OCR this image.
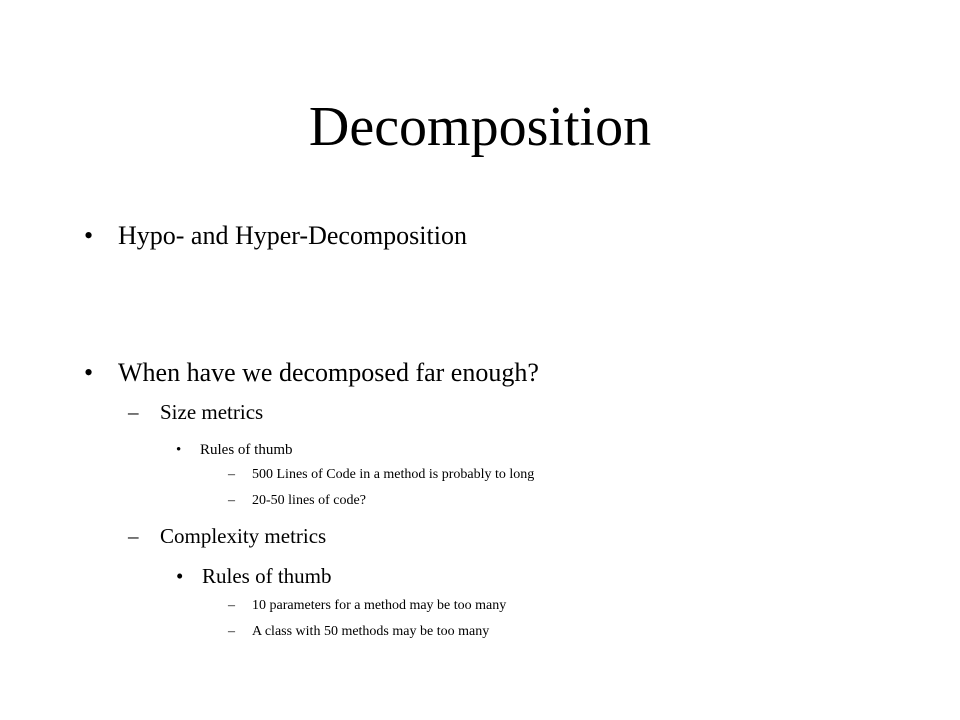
Decomposition
• Hypo- and Hyper-Decomposition
• When have we decomposed far enough?
– Size metrics
• Rules of thumb
– 500 Lines of Code in a method is probably to long
– 20-50 lines of code?
– Complexity metrics
• Rules of thumb
– 10 parameters for a method may be too many
– A class with 50 methods may be too many
